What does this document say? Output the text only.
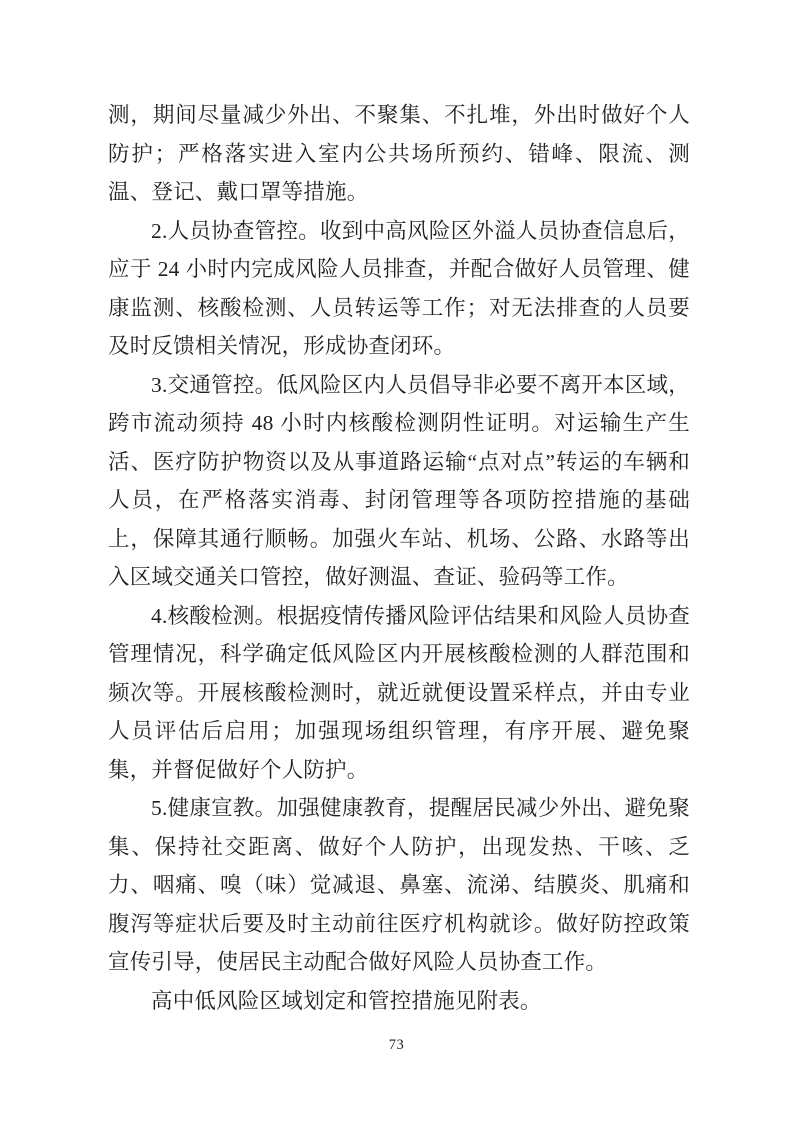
测，期间尽量减少外出、不聚集、不扎堆，外出时做好个人防护；严格落实进入室内公共场所预约、错峰、限流、测温、登记、戴口罩等措施。

2.人员协查管控。收到中高风险区外溢人员协查信息后，应于 24 小时内完成风险人员排查，并配合做好人员管理、健康监测、核酸检测、人员转运等工作；对无法排查的人员要及时反馈相关情况，形成协查闭环。

3.交通管控。低风险区内人员倡导非必要不离开本区域，跨市流动须持 48 小时内核酸检测阴性证明。对运输生产生活、医疗防护物资以及从事道路运输“点对点”转运的车辆和人员，在严格落实消毒、封闭管理等各项防控措施的基础上，保障其通行顺畅。加强火车站、机场、公路、水路等出入区域交通关口管控，做好测温、查证、验码等工作。

4.核酸检测。根据疫情传播风险评估结果和风险人员协查管理情况，科学确定低风险区内开展核酸检测的人群范围和频次等。开展核酸检测时，就近就便设置采样点，并由专业人员评估后启用；加强现场组织管理，有序开展、避免聚集，并督促做好个人防护。

5.健康宣教。加强健康教育，提醒居民减少外出、避免聚集、保持社交距离、做好个人防护，出现发热、干咳、乏力、咽痛、嗅（味）觉减退、鼻塞、流涕、结膜炎、肌痛和腹泻等症状后要及时主动前往医疗机构就诊。做好防控政策宣传引导，使居民主动配合做好风险人员协查工作。

高中低风险区域划定和管控措施见附表。

73
